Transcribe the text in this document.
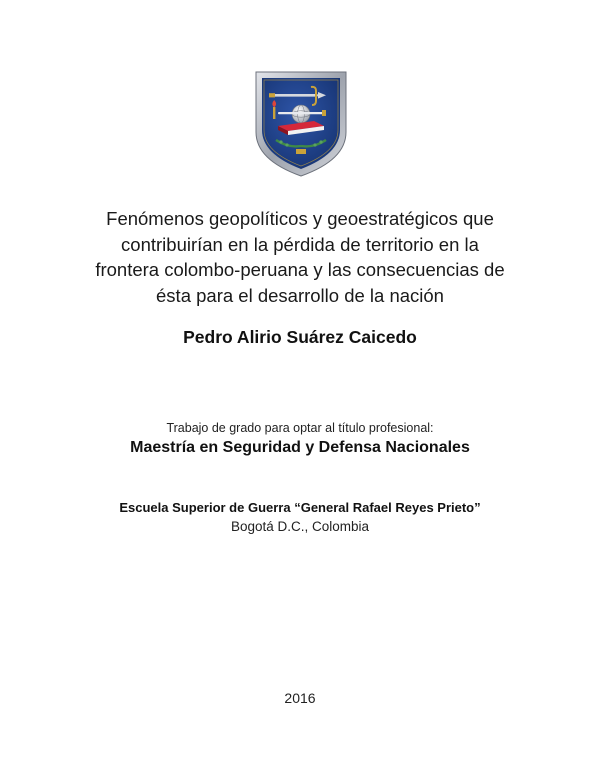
Fenómenos geopolíticos y geoestratégicos que
contribuirían en la pérdida de territorio en la
frontera colombo-peruana y las consecuencias de
ésta para el desarrollo de la nación
Pedro Alirio Suárez Caicedo
Trabajo de grado para optar al título profesional:
Maestría en Seguridad y Defensa Nacionales
Escuela Superior de Guerra “General Rafael Reyes Prieto”
Bogotá D.C., Colombia
2016
